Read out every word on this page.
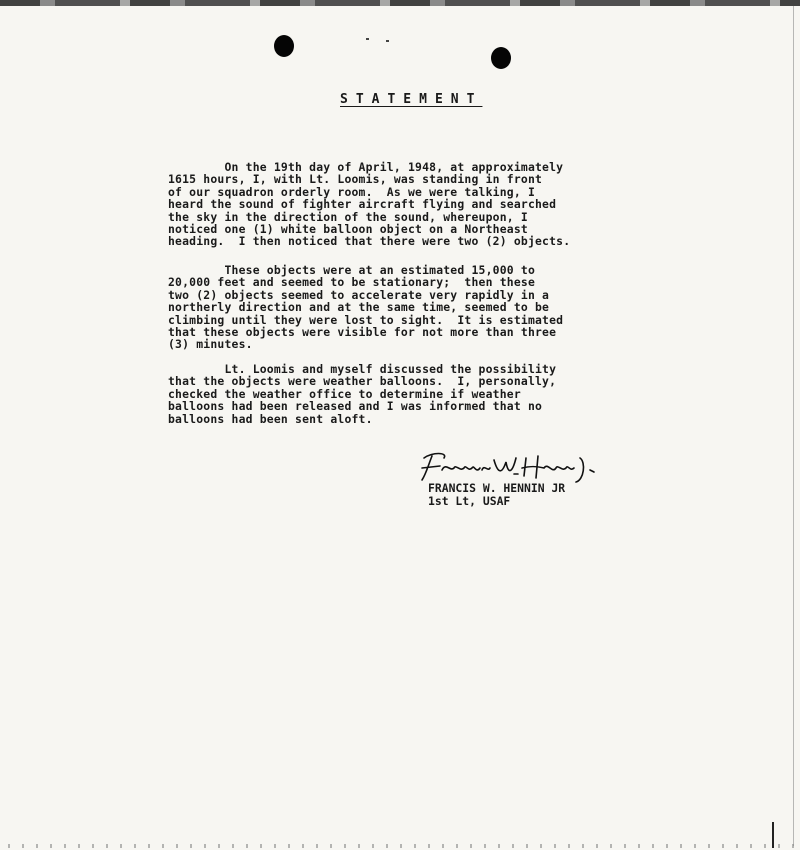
STATEMENT
On the 19th day of April, 1948, at approximately
1615 hours, I, with Lt. Loomis, was standing in front
of our squadron orderly room.  As we were talking, I
heard the sound of fighter aircraft flying and searched
the sky in the direction of the sound, whereupon, I
noticed one (1) white balloon object on a Northeast
heading.  I then noticed that there were two (2) objects.
These objects were at an estimated 15,000 to
20,000 feet and seemed to be stationary;  then these
two (2) objects seemed to accelerate very rapidly in a
northerly direction and at the same time, seemed to be
climbing until they were lost to sight.  It is estimated
that these objects were visible for not more than three
(3) minutes.
Lt. Loomis and myself discussed the possibility
that the objects were weather balloons.  I, personally,
checked the weather office to determine if weather
balloons had been released and I was informed that no
balloons had been sent aloft.
FRANCIS W. HENNIN JR
1st Lt, USAF
